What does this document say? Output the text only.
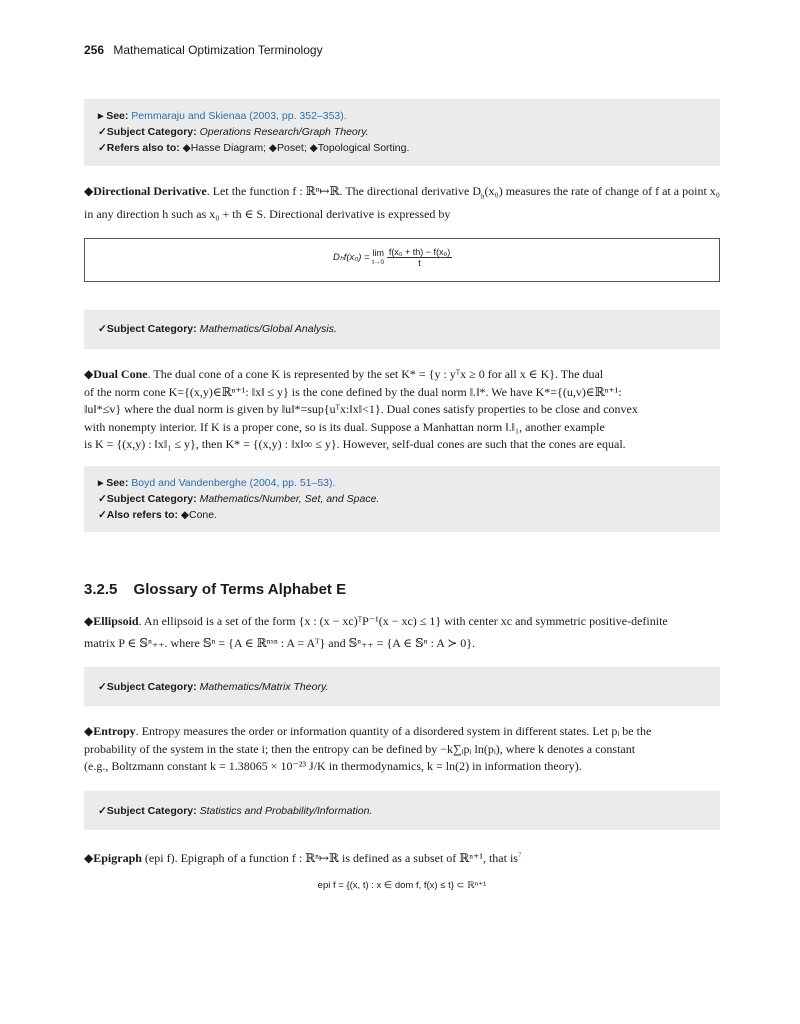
256 Mathematical Optimization Terminology
▸ See: Pemmaraju and Skienaa (2003, pp. 352–353).
✓Subject Category: Operations Research/Graph Theory.
✓Refers also to: ◆Hasse Diagram; ◆Poset; ◆Topological Sorting.
◆Directional Derivative. Let the function f : ℝⁿ↦ℝ. The directional derivative $D_h(x_0)$ measures the rate of change of f at a point x₀ in any direction h such as x₀ + th ∈ S. Directional derivative is expressed by
Dₕf(x₀) = lim
t→0
$\frac{\text{f(x₀ + th) − f(x₀)}}{t}$
✓Subject Category: Mathematics/Global Analysis.
◆Dual Cone. The dual cone of a cone K is represented by the set K* = {y : yᵀx ≥ 0 for all x ∈ K}. The dual
of the norm cone K={(x,y)∈ℝⁿ⁺¹: ‖x‖ ≤ y} is the cone defined by the dual norm ‖.‖*. We have K*={(u,v)∈ℝⁿ⁺¹:
‖u‖*≤v} where the dual norm is given by ‖u‖*=sup{uᵀx:‖x‖<1}. Dual cones satisfy properties to be close and convex
with nonempty interior. If K is a proper cone, so is its dual. Suppose a Manhattan norm ‖.‖₁, another example
is K = {(x,y) : ‖x‖₁ ≤ y}, then K* = {(x,y) : ‖x‖∞ ≤ y}. However, self-dual cones are such that the cones are equal.
▸ See: Boyd and Vandenberghe (2004, pp. 51–53).
✓Subject Category: Mathematics/Number, Set, and Space.
✓Also refers to: ◆Cone.
3.2.5 Glossary of Terms Alphabet E
◆Ellipsoid. An ellipsoid is a set of the form {x : (x − xc)ᵀP⁻¹(x − xc) ≤ 1} with center xc and symmetric positive-definite
matrix P ∈ 𝕊ⁿ₊₊. where 𝕊ⁿ = {A ∈ ℝⁿˣⁿ : A = Aᵀ} and 𝕊ⁿ₊₊ = {A ∈ 𝕊ⁿ : A ≻ 0}.
✓Subject Category: Mathematics/Matrix Theory.
◆Entropy. Entropy measures the order or information quantity of a disordered system in different states. Let pᵢ be the
probability of the system in the state i; then the entropy can be defined by −k∑ᵢpᵢ ln(pᵢ), where k denotes a constant
(e.g., Boltzmann constant k = 1.38065 × 10⁻²³ J/K in thermodynamics, k = ln(2) in information theory).
✓Subject Category: Statistics and Probability/Information.
◆Epigraph (epi f). Epigraph of a function f : ℝⁿ↦ℝ is defined as a subset of ℝⁿ⁺¹, that $is^7$
epi f = {(x, t) : x ∈ dom f, f(x) ≤ t} ⊂ ℝⁿ⁺¹
